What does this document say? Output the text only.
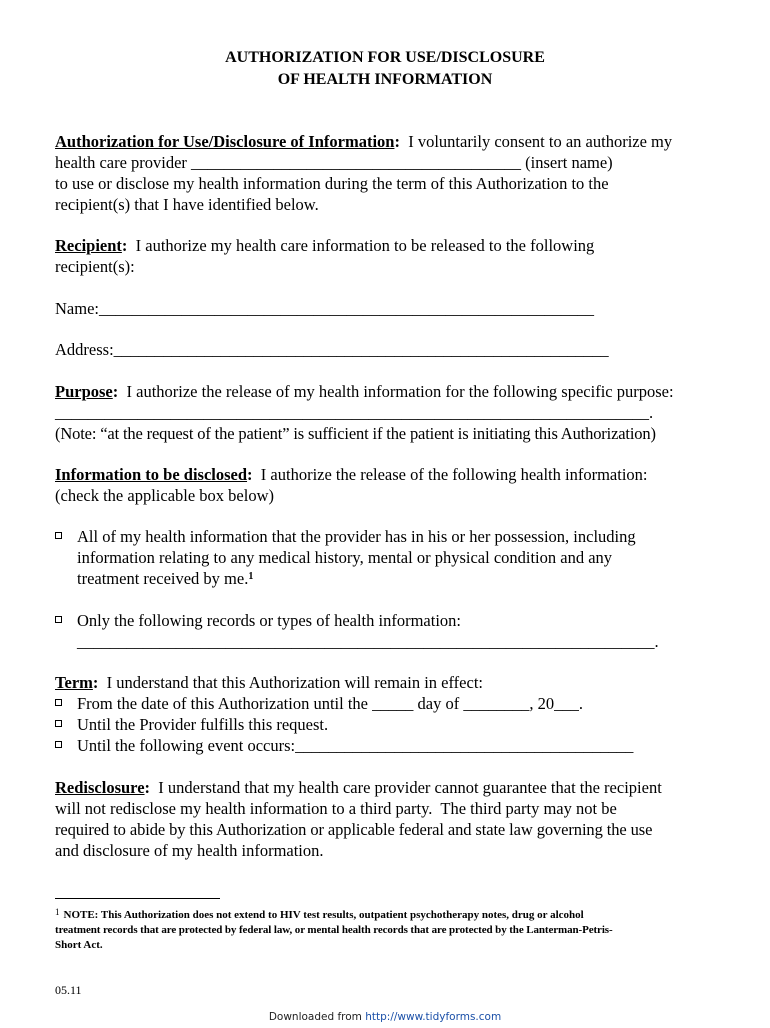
AUTHORIZATION FOR USE/DISCLOSURE
OF HEALTH INFORMATION
Authorization for Use/Disclosure of Information:  I voluntarily consent to an authorize my
health care provider ________________________________________ (insert name)
to use or disclose my health information during the term of this Authorization to the
recipient(s) that I have identified below.
Recipient:  I authorize my health care information to be released to the following
recipient(s):
Name:____________________________________________________________
Address:____________________________________________________________
Purpose:  I authorize the release of my health information for the following specific purpose:
________________________________________________________________________.
(Note: “at the request of the patient” is sufficient if the patient is initiating this Authorization)
Information to be disclosed:  I authorize the release of the following health information:
(check the applicable box below)
All of my health information that the provider has in his or her possession, including
information relating to any medical history, mental or physical condition and any
treatment received by me.$^1$
Only the following records or types of health information:
______________________________________________________________________.
Term:  I understand that this Authorization will remain in effect:
From the date of this Authorization until the _____ day of ________, 20___.
Until the Provider fulfills this request.
Until the following event occurs:_________________________________________
Redisclosure:  I understand that my health care provider cannot guarantee that the recipient
will not redisclose my health information to a third party.  The third party may not be
required to abide by this Authorization or applicable federal and state law governing the use
and disclosure of my health information.
$^1$ NOTE: This Authorization does not extend to HIV test results, outpatient psychotherapy notes, drug or alcohol
treatment records that are protected by federal law, or mental health records that are protected by the Lanterman-Petris-
Short Act.
05.11
Downloaded from http://www.tidyforms.com
